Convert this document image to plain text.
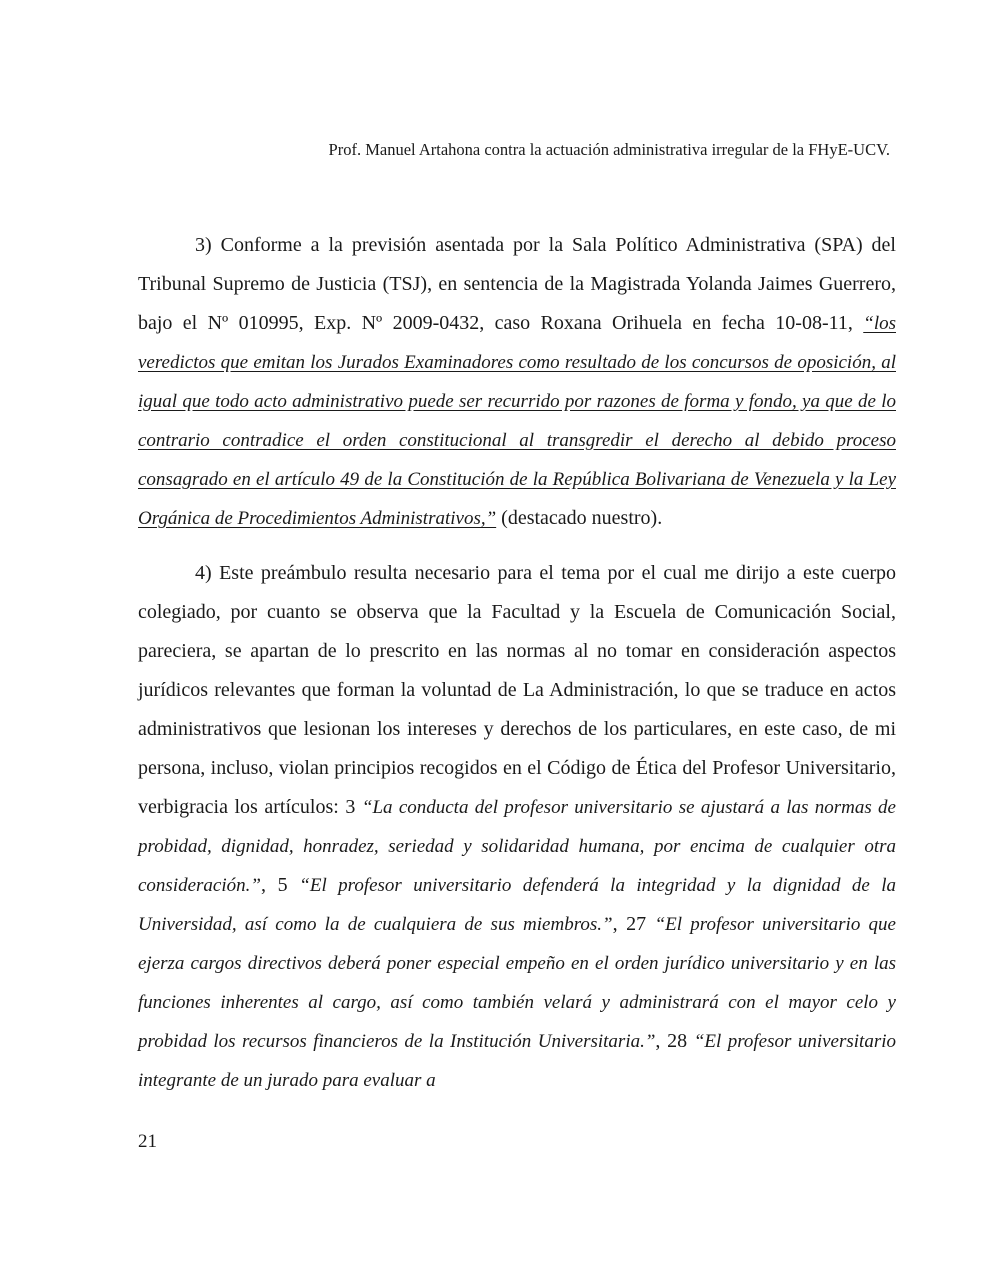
Prof. Manuel Artahona contra la actuación administrativa irregular de la FHyE-UCV.

3) Conforme a la previsión asentada por la Sala Político Administrativa (SPA) del Tribunal Supremo de Justicia (TSJ), en sentencia de la Magistrada Yolanda Jaimes Guerrero, bajo el Nº 010995, Exp. Nº 2009-0432, caso Roxana Orihuela en fecha 10-08-11, “los veredictos que emitan los Jurados Examinadores como resultado de los concursos de oposición, al igual que todo acto administrativo puede ser recurrido por razones de forma y fondo, ya que de lo contrario contradice el orden constitucional al transgredir el derecho al debido proceso consagrado en el artículo 49 de la Constitución de la República Bolivariana de Venezuela y la Ley Orgánica de Procedimientos Administrativos,” (destacado nuestro).

4) Este preámbulo resulta necesario para el tema por el cual me dirijo a este cuerpo colegiado, por cuanto se observa que la Facultad y la Escuela de Comunicación Social, pareciera, se apartan de lo prescrito en las normas al no tomar en consideración aspectos jurídicos relevantes que forman la voluntad de La Administración, lo que se traduce en actos administrativos que lesionan los intereses y derechos de los particulares, en este caso, de mi persona, incluso, violan principios recogidos en el Código de Ética del Profesor Universitario, verbigracia los artículos: 3 “La conducta del profesor universitario se ajustará a las normas de probidad, dignidad, honradez, seriedad y solidaridad humana, por encima de cualquier otra consideración.”, 5 “El profesor universitario defenderá la integridad y la dignidad de la Universidad, así como la de cualquiera de sus miembros.”, 27 “El profesor universitario que ejerza cargos directivos deberá poner especial empeño en el orden jurídico universitario y en las funciones inherentes al cargo, así como también velará y administrará con el mayor celo y probidad los recursos financieros de la Institución Universitaria.”, 28 “El profesor universitario integrante de un jurado para evaluar a

21
